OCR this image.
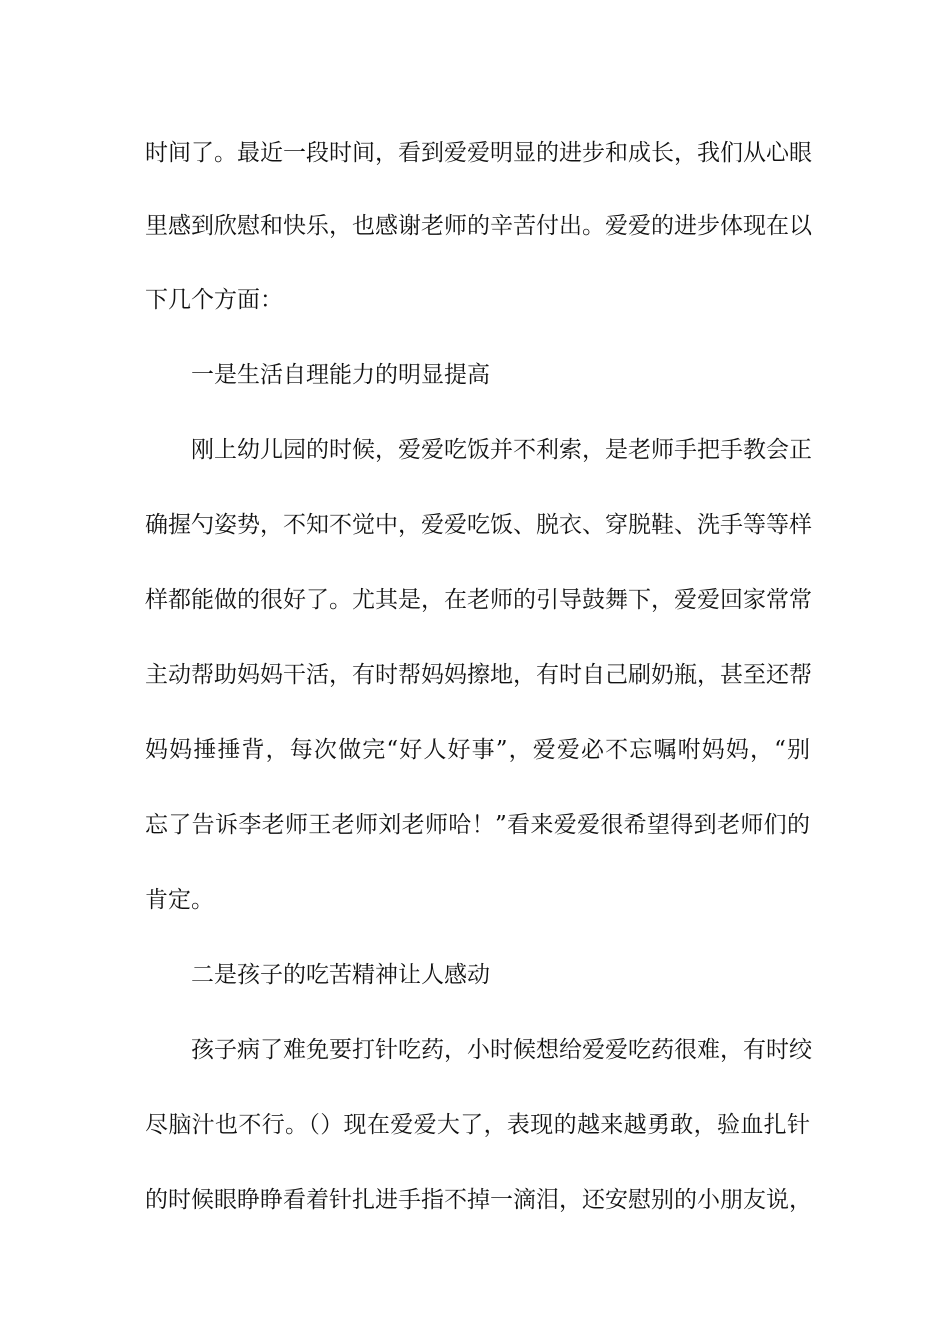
时间了。最近一段时间，看到爱爱明显的进步和成长，我们从心眼
里感到欣慰和快乐，也感谢老师的辛苦付出。爱爱的进步体现在以
下几个方面：
一是生活自理能力的明显提高
刚上幼儿园的时候，爱爱吃饭并不利索，是老师手把手教会正
确握勺姿势，不知不觉中，爱爱吃饭、脱衣、穿脱鞋、洗手等等样
样都能做的很好了。尤其是，在老师的引导鼓舞下，爱爱回家常常
主动帮助妈妈干活，有时帮妈妈擦地，有时自己刷奶瓶，甚至还帮
妈妈捶捶背，每次做完“好人好事”，爱爱必不忘嘱咐妈妈，“别
忘了告诉李老师王老师刘老师哈！”看来爱爱很希望得到老师们的
肯定。
二是孩子的吃苦精神让人感动
孩子病了难免要打针吃药，小时候想给爱爱吃药很难，有时绞
尽脑汁也不行。（）现在爱爱大了，表现的越来越勇敢，验血扎针
的时候眼睁睁看着针扎进手指不掉一滴泪，还安慰别的小朋友说，
